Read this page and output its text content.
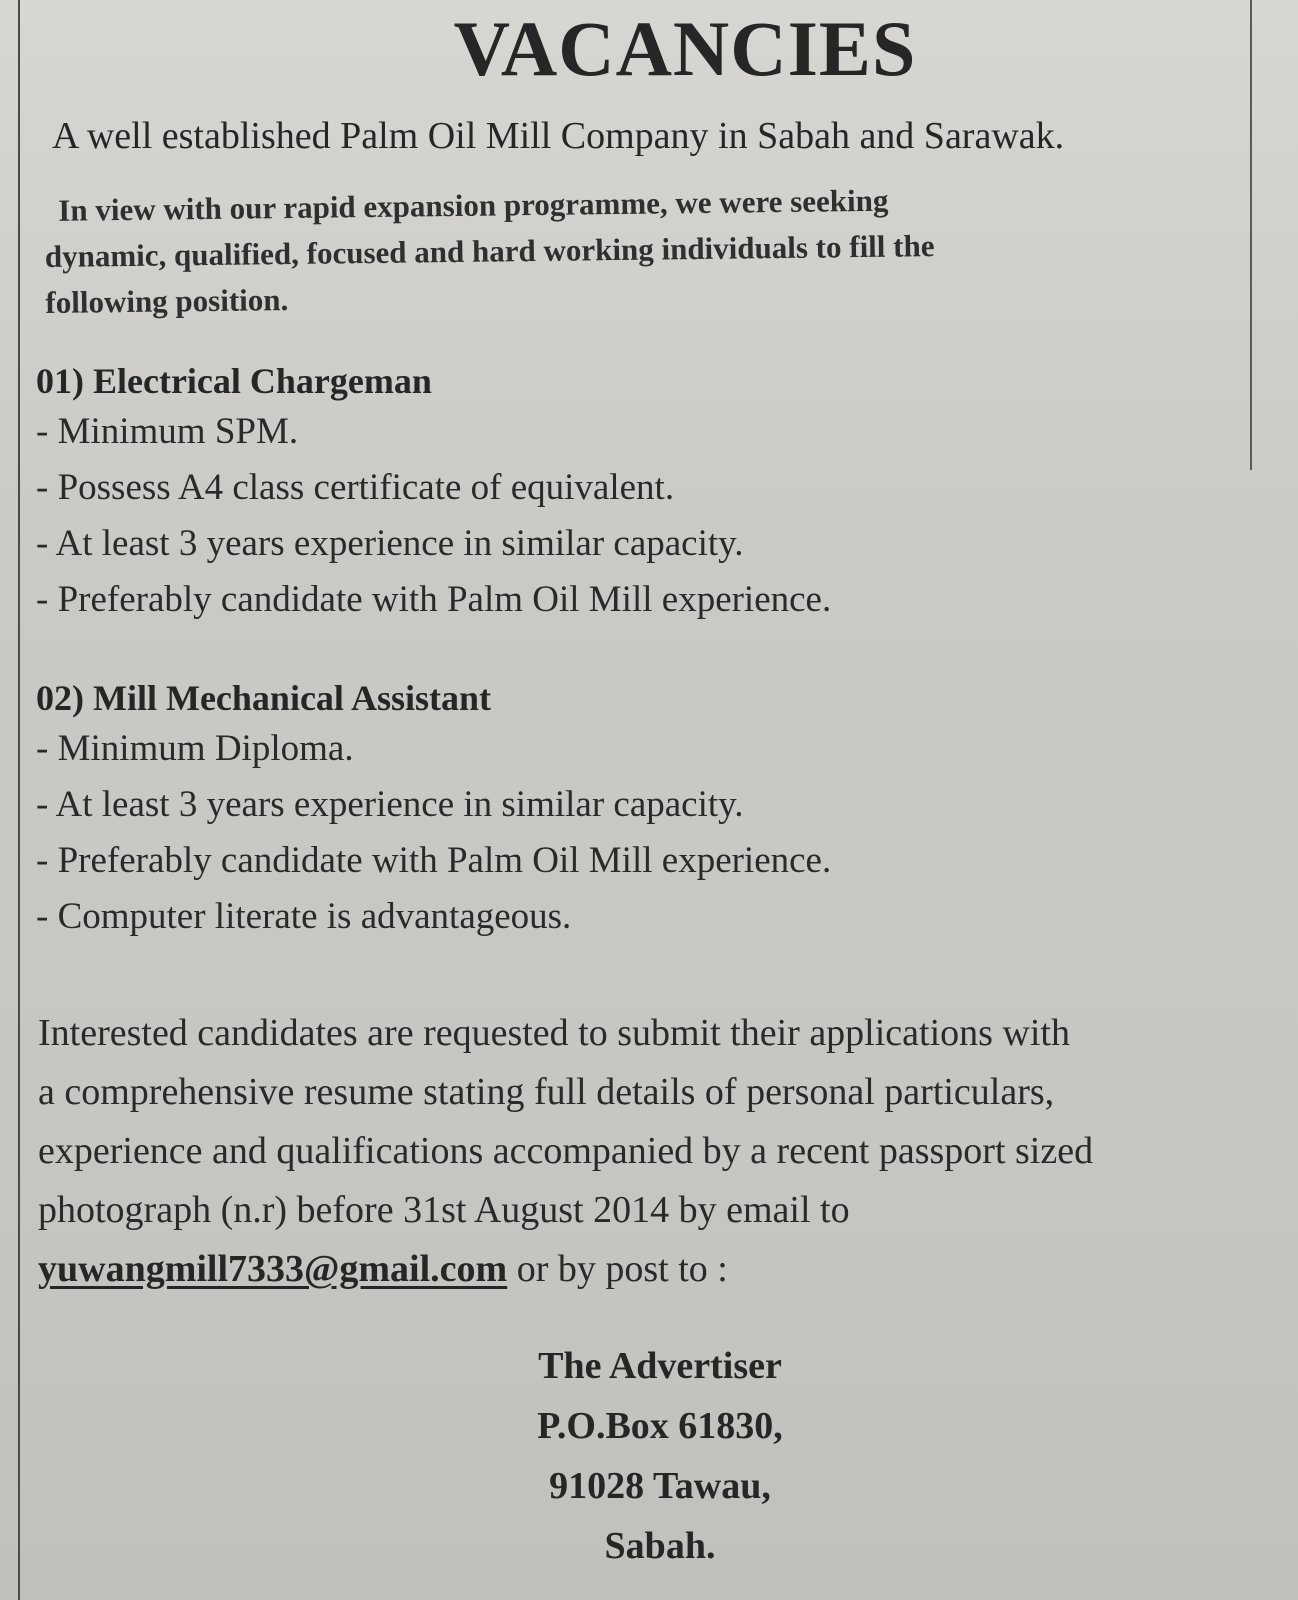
VACANCIES
A well established Palm Oil Mill Company in Sabah and Sarawak.
In view with our rapid expansion programme, we were seeking
dynamic, qualified, focused and hard working individuals to fill the
following position.
01) Electrical Chargeman
- Minimum SPM.
- Possess A4 class certificate of equivalent.
- At least 3 years experience in similar capacity.
- Preferably candidate with Palm Oil Mill experience.
02) Mill Mechanical Assistant
- Minimum Diploma.
- At least 3 years experience in similar capacity.
- Preferably candidate with Palm Oil Mill experience.
- Computer literate is advantageous.
Interested candidates are requested to submit their applications with
a comprehensive resume stating full details of personal particulars,
experience and qualifications accompanied by a recent passport sized
photograph (n.r) before 31st August 2014 by email to
yuwangmill7333@gmail.com or by post to :
The Advertiser
P.O.Box 61830,
91028 Tawau,
Sabah.
